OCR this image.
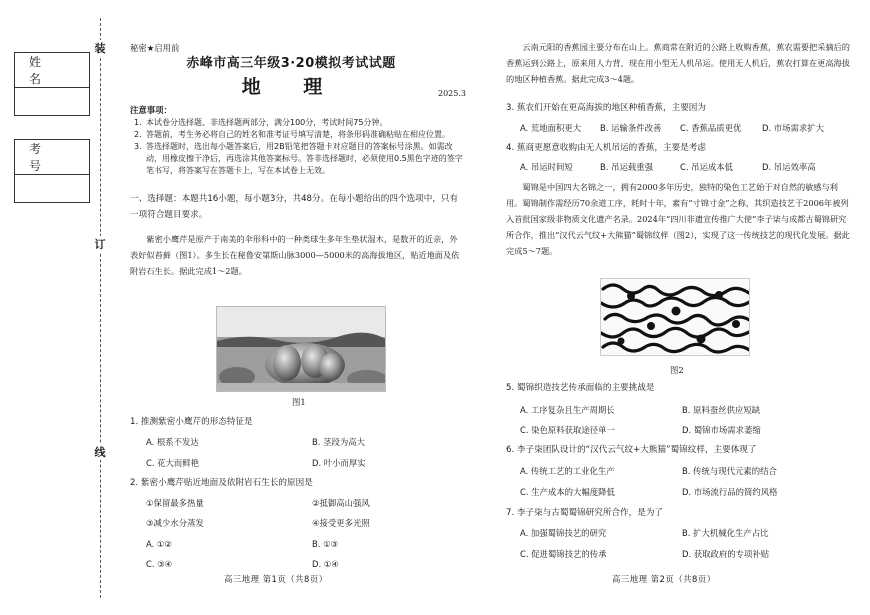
姓 名

考 号

装
订
线
秘密★启用前
赤峰市高三年级3·20模拟考试试题
地 理	2025.3
注意事项：
1. 本试卷分选择题、非选择题两部分，满分100分，考试时间75分钟。
2. 答题前，考生务必将自己的姓名和准考证号填写清楚，将条形码准确粘贴在相应位置。
3. 答选择题时，选出每小题答案后，用2B铅笔把答题卡对应题目的答案标号涂黑。如需改动，用橡皮擦干净后，再选涂其他答案标号。答非选择题时，必须使用0.5黑色字迹的签字笔书写，将答案写在答题卡上，写在本试卷上无效。
一、选择题：本题共16小题，每小题3分，共48分。在每小题给出的四个选项中，只有一项符合题目要求。
紫密小鹰芹是原产于南美的伞形科中的一种类球生多年生垫状湿木，是数开的近亲，外表好似苔藓（图1）。多生长在秘鲁安第斯山脉3000—5000米的高海拔地区，贴近地面及依附岩石生长。据此完成1～2题。
图1
1. 推测紫密小鹰芹的形态特征是
A. 根系不发达	B. 茎段为高大
C. 花大而鲜艳	D. 叶小而厚实
2. 紫密小鹰芹贴近地面及依附岩石生长的原因是
①保留最多热量	②抵御高山强风
③减少水分蒸发	④接受更多光照
A. ①②	B. ①③
C. ③④	D. ①④
高三地理 第1页（共8页）
云南元阳的香蕉园主要分布在山上。蕉商常在附近的公路上收购香蕉，蕉农需要把采摘后的香蕉运到公路上，原来用人力背，现在用小型无人机吊运。使用无人机后，蕉农打算在更高海拔的地区种植香蕉。据此完成3～4题。
3. 蕉农们开始在更高海拔的地区种植香蕉，主要因为
A. 荒地面积更大 B. 运输条件改善 C. 香蕉品质更优 D. 市场需求扩大
4. 蕉商更愿意收购由无人机吊运的香蕉，主要是考虑
A. 吊运时间短	B. 吊运载重强	C. 吊运成本低	D. 吊运效率高
蜀锦是中国四大名锦之一，拥有2000多年历史，独特的染色工艺始于对自然的敏感与利用。蜀锦制作需经历70余道工序，耗时十年，素有“寸锦寸金”之称，其织造技艺于2006年被列入首批国家级非物质文化遗产名录。2024年“四川非遗宣传推广大使”李子柒与成都古蜀锦研究所合作，推出“汉代云气纹+大熊猫”蜀锦纹样（图2），实现了这一传统技艺的现代化发展。据此完成5～7题。
图2
5. 蜀锦织造技艺传承面临的主要挑战是
A. 工序复杂且生产周期长	B. 原料蚕丝供应短缺
C. 染色原料获取途径单一	D. 蜀锦市场需求萎缩
6. 李子柒团队设计的“汉代云气纹+大熊猫”蜀锦纹样，主要体现了
A. 传统工艺的工业化生产	B. 传统与现代元素的结合
C. 生产成本的大幅度降低	D. 市场流行品的简约风格
7. 李子柒与古蜀蜀锦研究所合作，是为了
A. 加强蜀锦技艺的研究	B. 扩大机械化生产占比
C. 促进蜀锦技艺的传承	D. 获取政府的专项补贴
高三地理 第2页（共8页）
